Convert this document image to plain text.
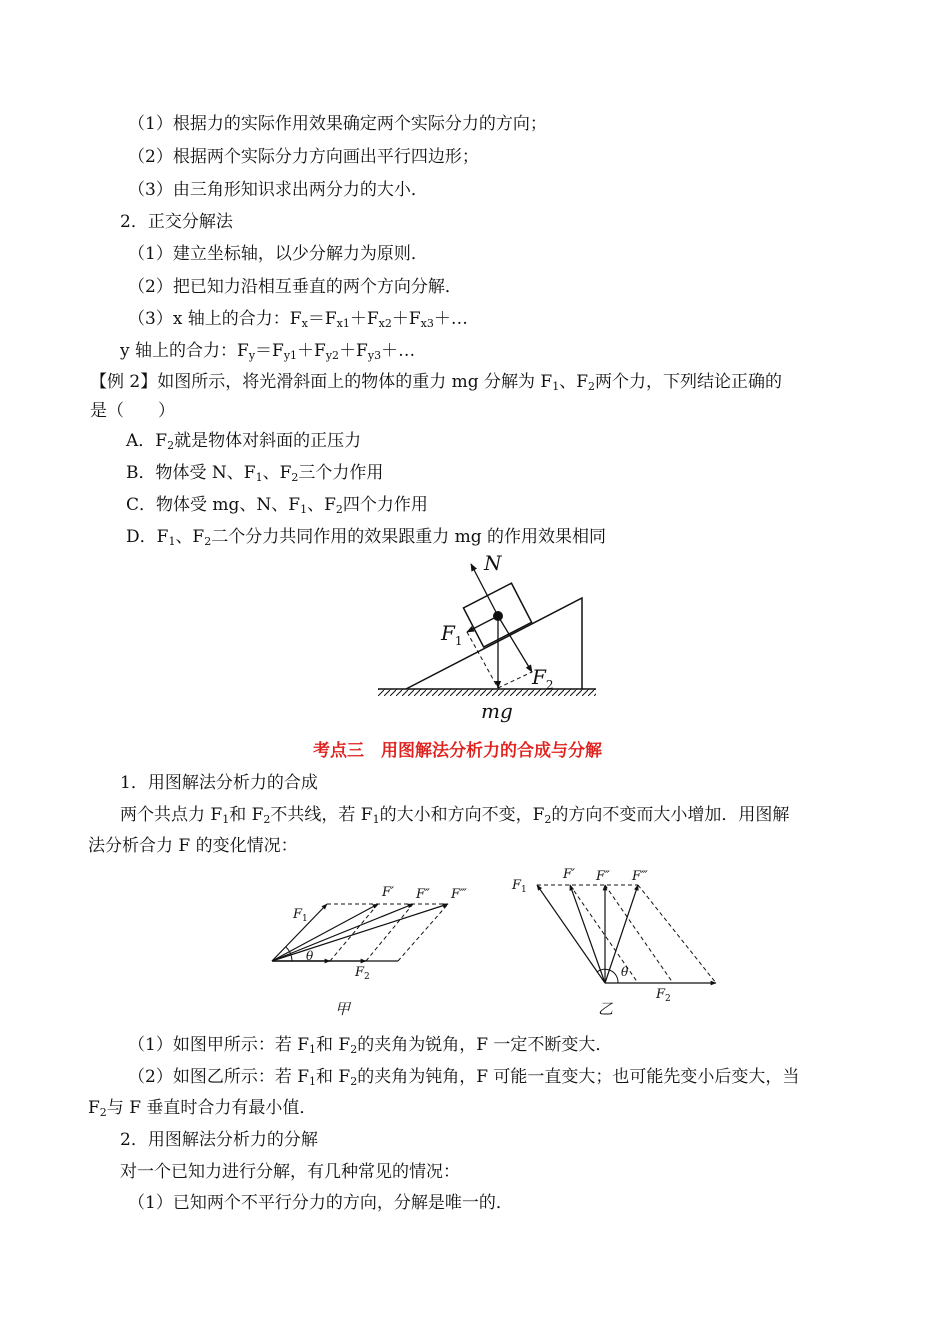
（1）根据力的实际作用效果确定两个实际分力的方向；
（2）根据两个实际分力方向画出平行四边形；
（3）由三角形知识求出两分力的大小．
2．正交分解法
（1）建立坐标轴，以少分解力为原则．
（2）把已知力沿相互垂直的两个方向分解．
（3）x 轴上的合力：$F_x=F_{x1}+F_{x2}+F_{x3}+\dots$
y 轴上的合力：$F_y=F_{y1}+F_{y2}+F_{y3}+\dots$
【例 2】如图所示，将光滑斜面上的物体的重力 mg 分解为 $F_1$、$F_2$两个力，下列结论正确的
是（　　）
A．$F_2$就是物体对斜面的正压力
B．物体受 N、$F_1$、$F_2$三个力作用
C．物体受 mg、N、$F_1$、$F_2$四个力作用
D．$F_1$、$F_2$二个分力共同作用的效果跟重力 mg 的作用效果相同
N
$F_1$
$F_2$
mg
考点三　用图解法分析力的合成与分解
1．用图解法分析力的合成
两个共点力 $F_1$和 $F_2$不共线，若 $F_1$的大小和方向不变，$F_2$的方向不变而大小增加．用图解
法分析合力 F 的变化情况：
$F_1$
F′ F″ F‴
θ
$F_2$
甲
$F_1$
F′ F″ F‴
θ
$F_2$
乙
（1）如图甲所示：若 $F_1$和 $F_2$的夹角为锐角，F 一定不断变大．
（2）如图乙所示：若 $F_1$和 $F_2$的夹角为钝角，F 可能一直变大；也可能先变小后变大，当
$F_2$与 F 垂直时合力有最小值．
2．用图解法分析力的分解
对一个已知力进行分解，有几种常见的情况：
（1）已知两个不平行分力的方向，分解是唯一的．
